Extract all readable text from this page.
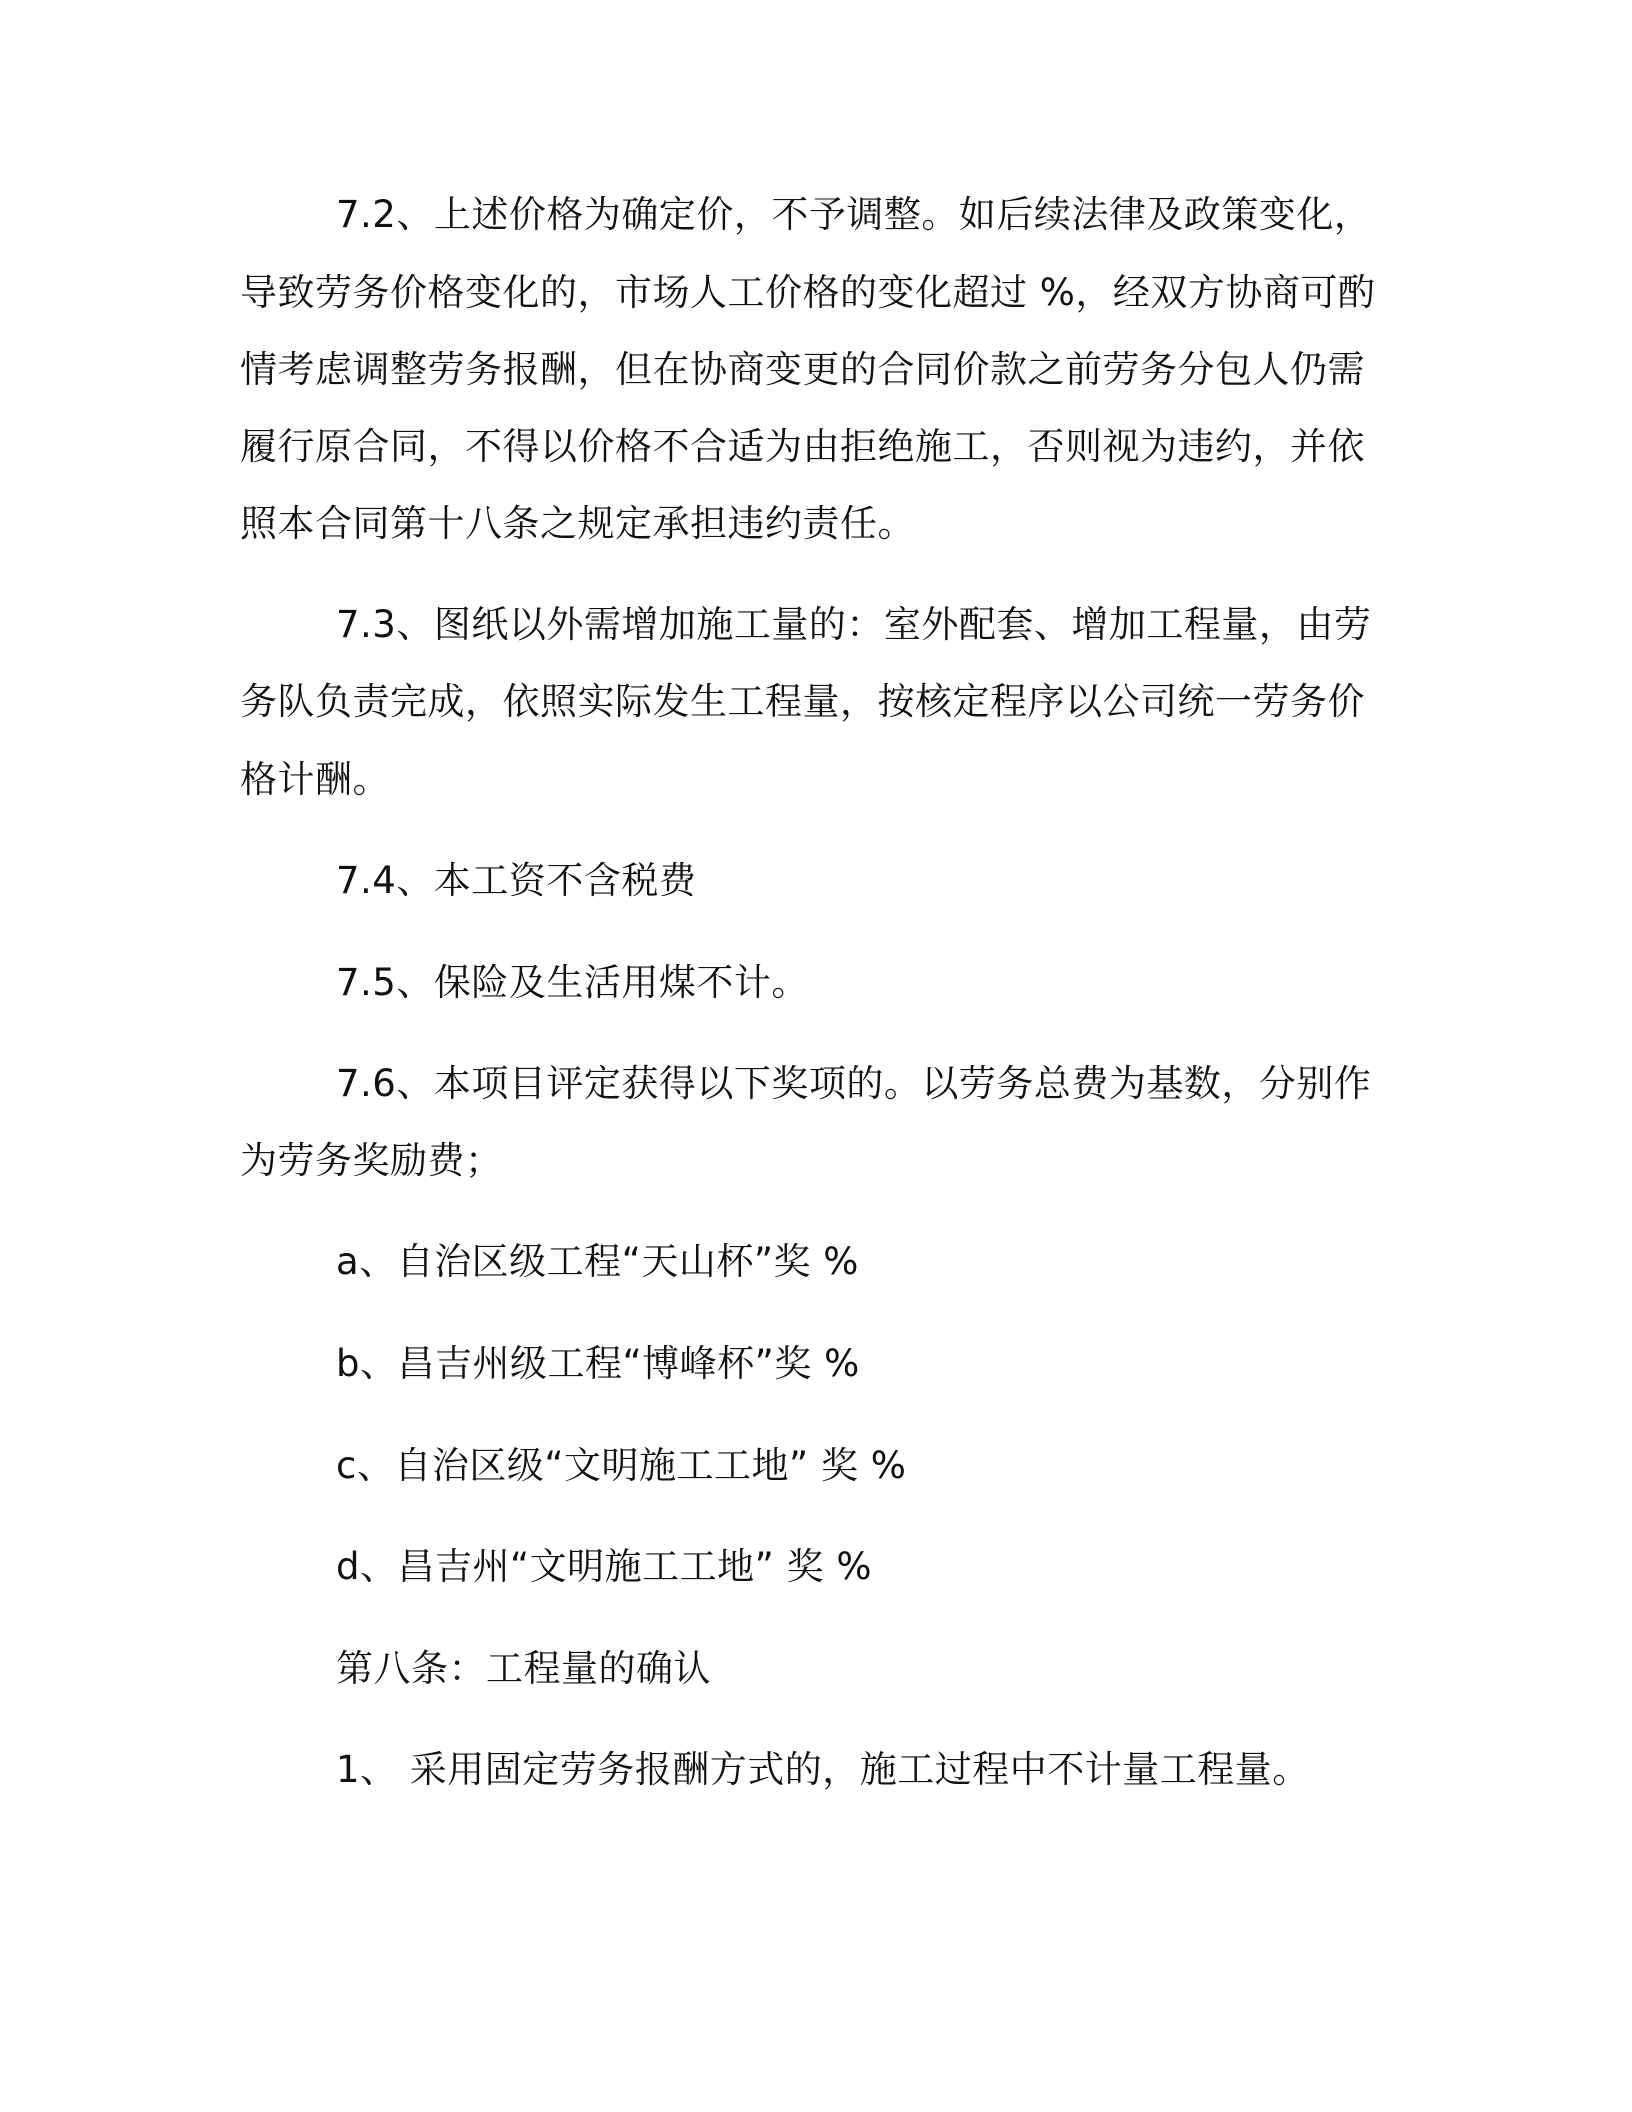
7.2、上述价格为确定价，不予调整。如后续法律及政策变化，
导致劳务价格变化的，市场人工价格的变化超过 %，经双方协商可酌
情考虑调整劳务报酬，但在协商变更的合同价款之前劳务分包人仍需
履行原合同，不得以价格不合适为由拒绝施工，否则视为违约，并依
照本合同第十八条之规定承担违约责任。
7.3、图纸以外需增加施工量的：室外配套、增加工程量，由劳
务队负责完成，依照实际发生工程量，按核定程序以公司统一劳务价
格计酬。
7.4、本工资不含税费
7.5、保险及生活用煤不计。
7.6、本项目评定获得以下奖项的。以劳务总费为基数，分别作
为劳务奖励费；
a、自治区级工程“天山杯”奖 %
b、昌吉州级工程“博峰杯”奖 %
c、自治区级“文明施工工地” 奖 %
d、昌吉州“文明施工工地” 奖 %
第八条：工程量的确认
1、 采用固定劳务报酬方式的，施工过程中不计量工程量。
